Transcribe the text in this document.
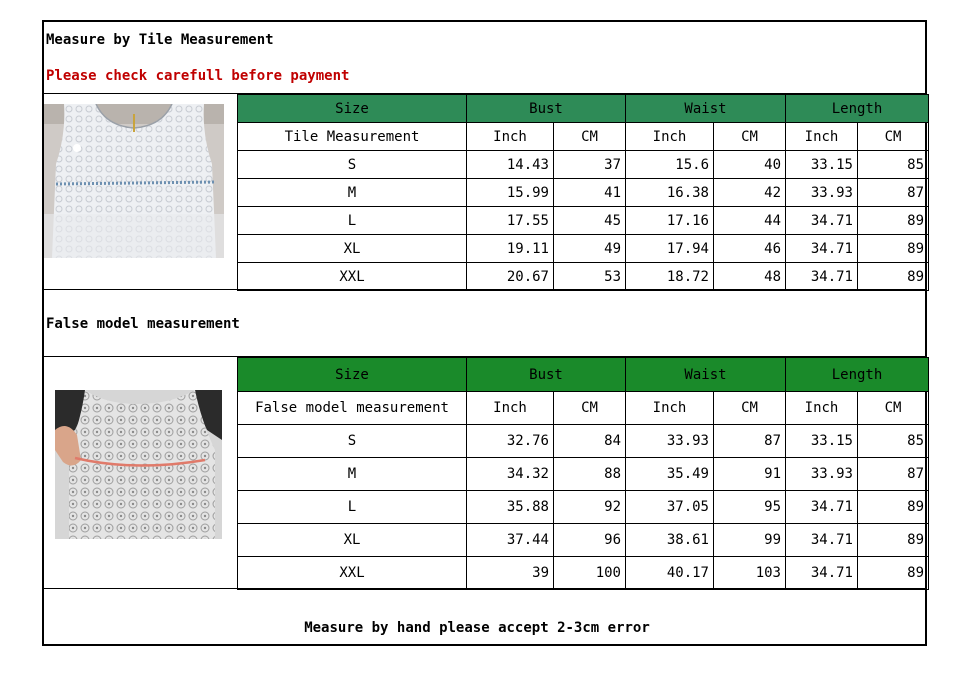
Measure by Tile Measurement
Please check carefull before payment
Size	Bust		Waist		Length	
Tile Measurement	Inch	CM	Inch	CM	Inch	CM
S	14.43	37	15.6	40	33.15	85
M	15.99	41	16.38	42	33.93	87
L	17.55	45	17.16	44	34.71	89
XL	19.11	49	17.94	46	34.71	89
XXL	20.67	53	18.72	48	34.71	89
False model measurement
Size	Bust		Waist		Length	
False model measurement	Inch	CM	Inch	CM	Inch	CM
S	32.76	84	33.93	87	33.15	85
M	34.32	88	35.49	91	33.93	87
L	35.88	92	37.05	95	34.71	89
XL	37.44	96	38.61	99	34.71	89
XXL	39	100	40.17	103	34.71	89
Measure by hand please accept 2-3cm error
